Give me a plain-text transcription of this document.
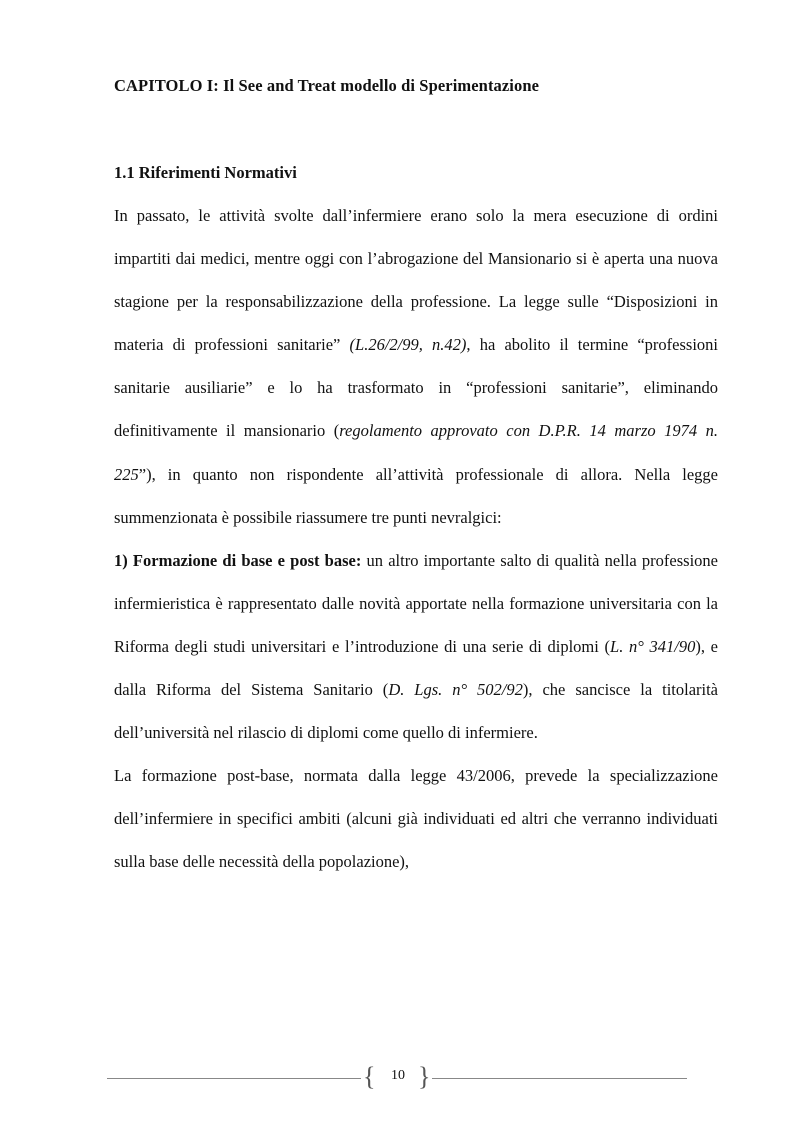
CAPITOLO I: Il See and Treat modello di Sperimentazione
1.1 Riferimenti Normativi

In passato, le attività svolte dall’infermiere erano solo la mera esecuzione di ordini impartiti dai medici, mentre oggi con l’abrogazione del Mansionario si è aperta una nuova stagione per la responsabilizzazione della professione. La legge sulle “Disposizioni in materia di professioni sanitarie” (L.26/2/99, n.42), ha abolito il termine “professioni sanitarie ausiliarie” e lo ha trasformato in “professioni sanitarie”, eliminando definitivamente il mansionario (regolamento approvato con D.P.R. 14 marzo 1974 n. 225”), in quanto non rispondente all’attività professionale di allora. Nella legge summenzionata è possibile riassumere tre punti nevralgici:

1) Formazione di base e post base: un altro importante salto di qualità nella professione infermieristica è rappresentato dalle novità apportate nella formazione universitaria con la Riforma degli studi universitari e l’introduzione di una serie di diplomi (L. n° 341/90), e dalla Riforma del Sistema Sanitario (D. Lgs. n° 502/92), che sancisce la titolarità dell’università nel rilascio di diplomi come quello di infermiere.

La formazione post-base, normata dalla legge 43/2006, prevede la specializzazione dell’infermiere in specifici ambiti (alcuni già individuati ed altri che verranno individuati sulla base delle necessità della popolazione),

{	10 }
